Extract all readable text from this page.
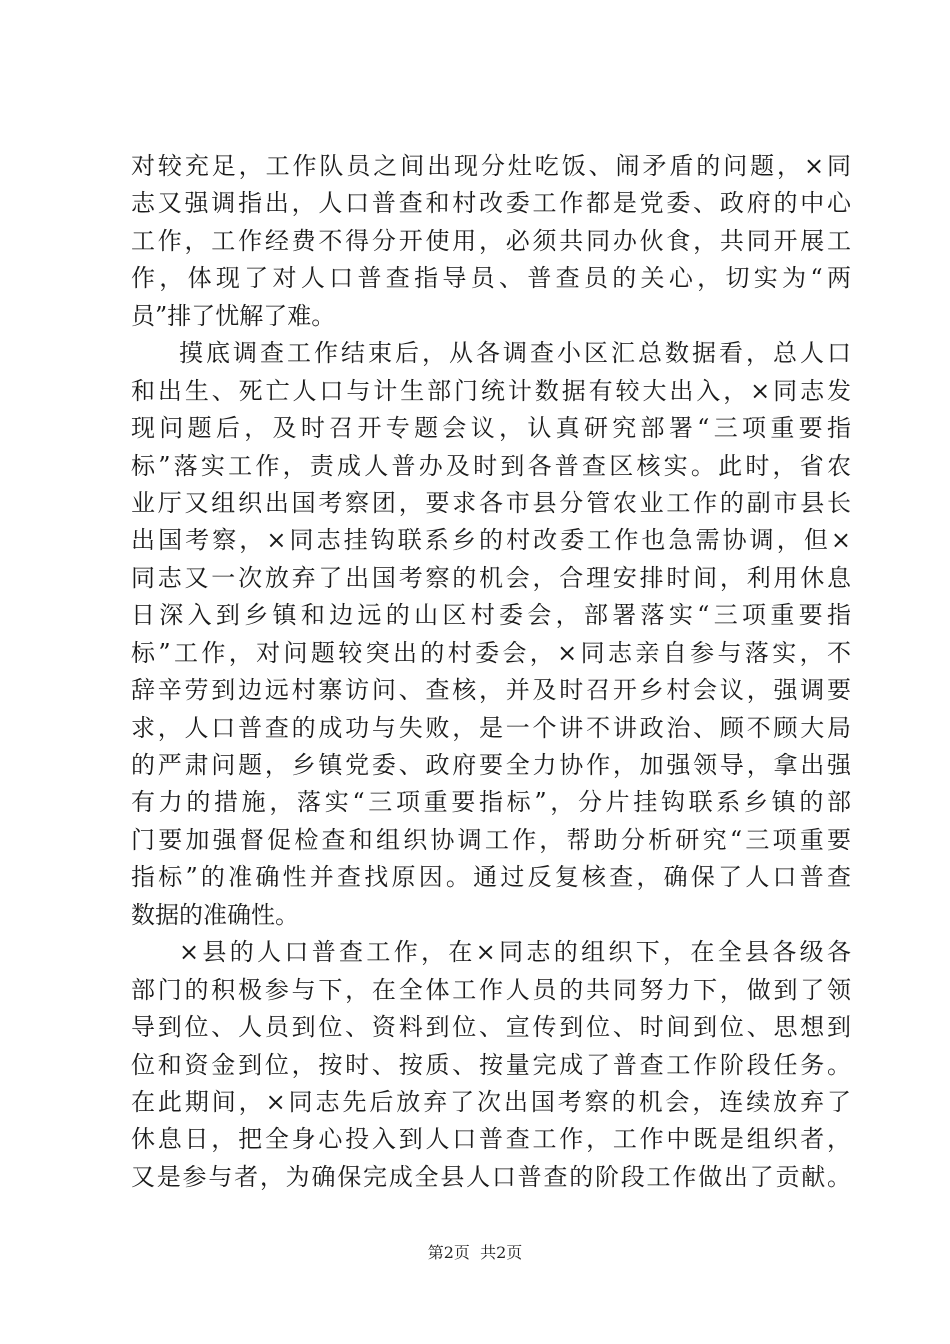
对较充足，工作队员之间出现分灶吃饭、闹矛盾的问题，×同
志又强调指出，人口普查和村改委工作都是党委、政府的中心
工作，工作经费不得分开使用，必须共同办伙食，共同开展工
作，体现了对人口普查指导员、普查员的关心，切实为“两
员”排了忧解了难。
摸底调查工作结束后，从各调查小区汇总数据看，总人口
和出生、死亡人口与计生部门统计数据有较大出入，×同志发
现问题后，及时召开专题会议，认真研究部署“三项重要指
标”落实工作，责成人普办及时到各普查区核实。此时，省农
业厅又组织出国考察团，要求各市县分管农业工作的副市县长
出国考察，×同志挂钩联系乡的村改委工作也急需协调，但×
同志又一次放弃了出国考察的机会，合理安排时间，利用休息
日深入到乡镇和边远的山区村委会，部署落实“三项重要指
标”工作，对问题较突出的村委会，×同志亲自参与落实，不
辞辛劳到边远村寨访问、查核，并及时召开乡村会议，强调要
求，人口普查的成功与失败，是一个讲不讲政治、顾不顾大局
的严肃问题，乡镇党委、政府要全力协作，加强领导，拿出强
有力的措施，落实“三项重要指标”，分片挂钩联系乡镇的部
门要加强督促检查和组织协调工作，帮助分析研究“三项重要
指标”的准确性并查找原因。通过反复核查，确保了人口普查
数据的准确性。
×县的人口普查工作，在×同志的组织下，在全县各级各
部门的积极参与下，在全体工作人员的共同努力下，做到了领
导到位、人员到位、资料到位、宣传到位、时间到位、思想到
位和资金到位，按时、按质、按量完成了普查工作阶段任务。
在此期间，×同志先后放弃了次出国考察的机会，连续放弃了
休息日，把全身心投入到人口普查工作，工作中既是组织者，
又是参与者，为确保完成全县人口普查的阶段工作做出了贡献。
第2页  共2页
